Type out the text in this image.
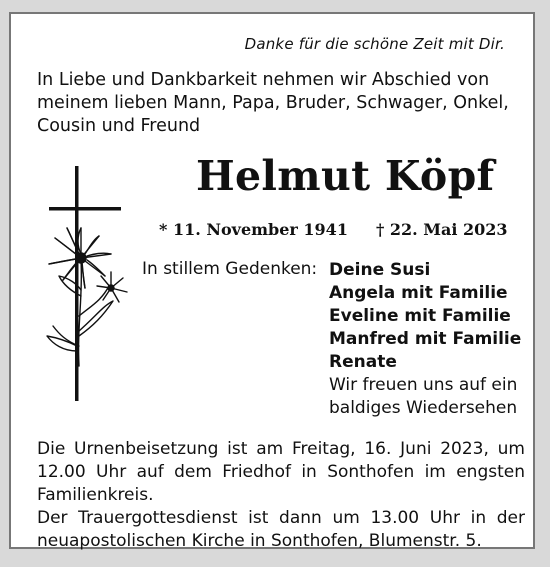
Danke für die schöne Zeit mit Dir.
In Liebe und Dankbarkeit nehmen wir Abschied von meinem lieben Mann, Papa, Bruder, Schwager, Onkel, Cousin und Freund
Helmut Köpf
* 11. November 1941 † 22. Mai 2023
In stillem Gedenken: Deine Susi
Angela mit Familie
Eveline mit Familie
Manfred mit Familie
Renate
Wir freuen uns auf ein
baldiges Wiedersehen

Die Urnenbeisetzung ist am Freitag, 16. Juni 2023, um 12.00 Uhr auf dem Friedhof in Sonthofen im engsten Familienkreis.

Der Trauergottesdienst ist dann um 13.00 Uhr in der neuapostolischen Kirche in Sonthofen, Blumenstr. 5.
